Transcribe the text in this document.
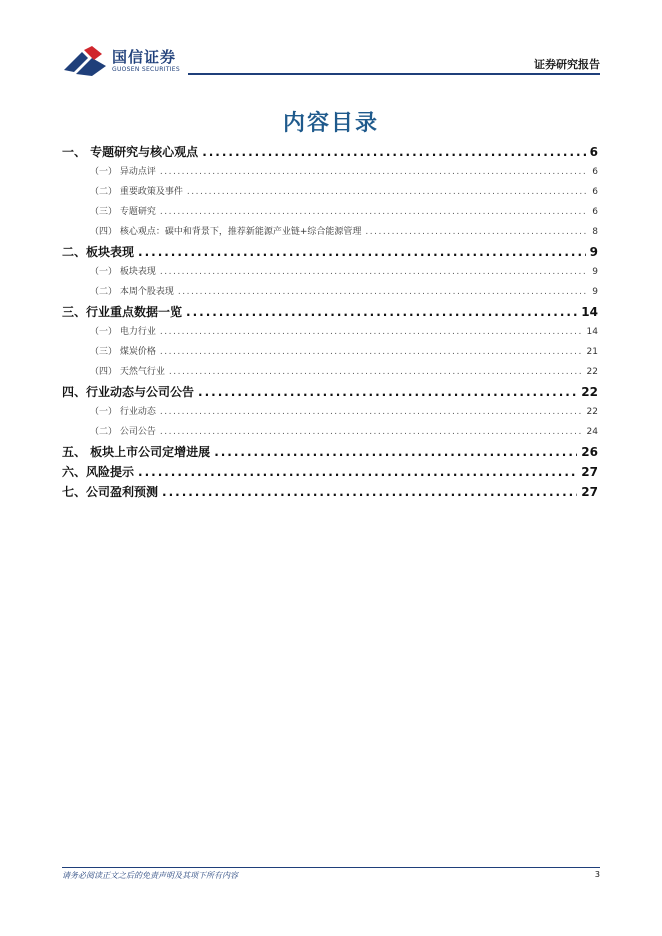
国信证券
GUOSEN SECURITIES	证券研究报告
内容目录
一、 专题研究与核心观点 .....	6
（一） 异动点评 .....	6
（二） 重要政策及事件 .....	6
（三） 专题研究 .....	6
（四） 核心观点：碳中和背景下，推荐新能源产业链+综合能源管理 .....	8
二、板块表现 .....	9
（一） 板块表现 .....	9
（二） 本周个股表现 .....	9
三、行业重点数据一览 .....	14
（一） 电力行业 .....	14
（三） 煤炭价格 .....	21
（四） 天然气行业 .....	22
四、行业动态与公司公告 .....	22
（一） 行业动态 .....	22
（二） 公司公告 .....	24
五、 板块上市公司定增进展 .....	26
六、风险提示 .....	27
七、公司盈利预测 .....	27
请务必阅读正文之后的免责声明及其项下所有内容	3
